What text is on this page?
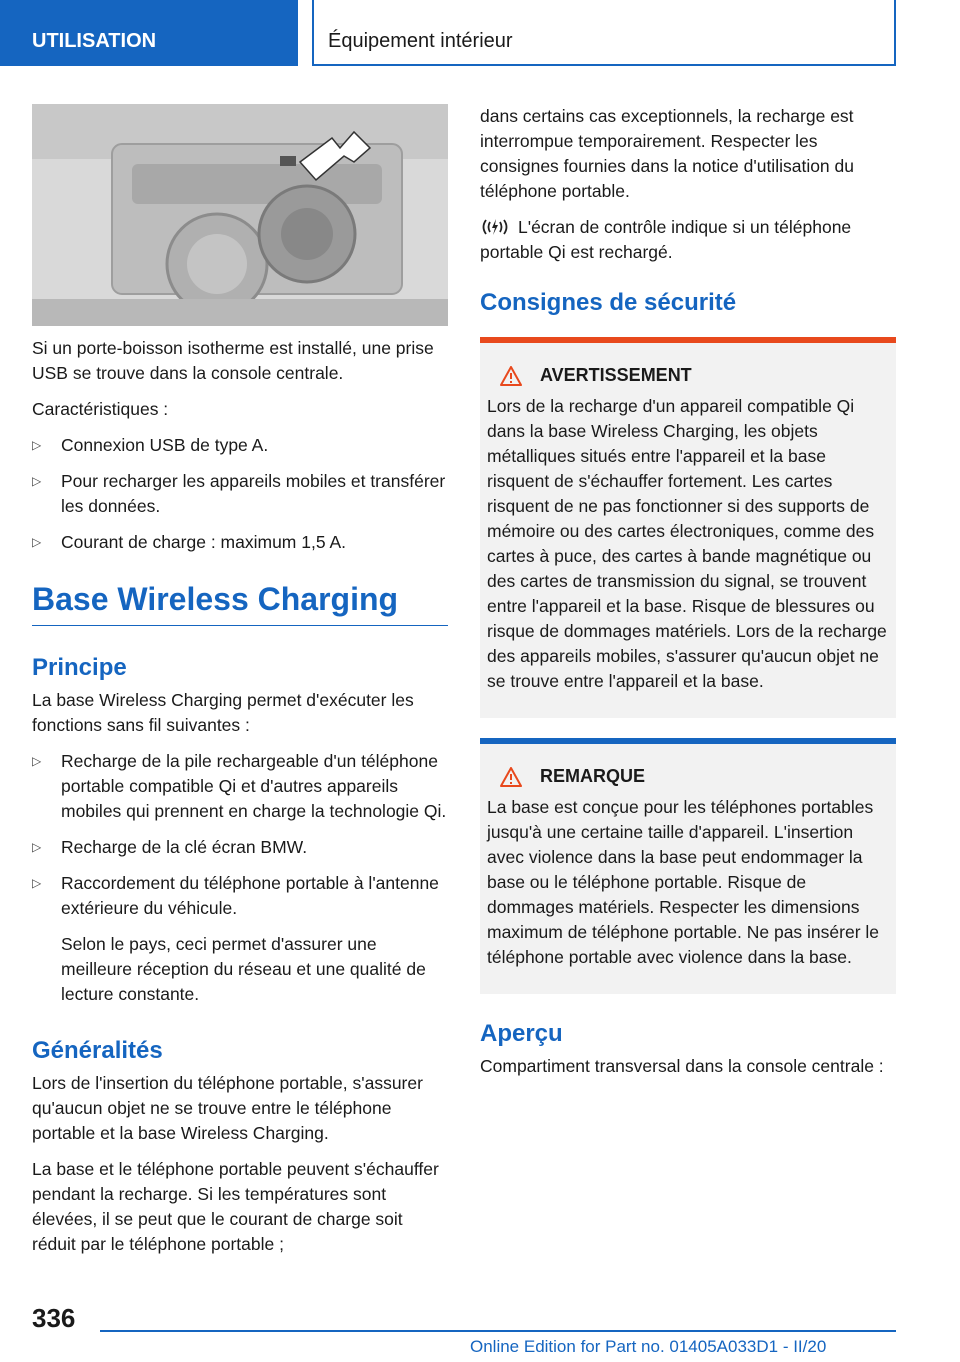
UTILISATION	Équipement intérieur

Si un porte-boisson isotherme est installé, une prise USB se trouve dans la console centrale.

Caractéristiques :

▷ Connexion USB de type A.
▷ Pour recharger les appareils mobiles et transférer les données.
▷ Courant de charge : maximum 1,5 A.
Base Wireless Charging
Principe

La base Wireless Charging permet d'exécuter les fonctions sans fil suivantes :

▷ Recharge de la pile rechargeable d'un téléphone portable compatible Qi et d'autres appareils mobiles qui prennent en charge la technologie Qi.
▷ Recharge de la clé écran BMW.
▷ Raccordement du téléphone portable à l'antenne extérieure du véhicule.
Selon le pays, ceci permet d'assurer une meilleure réception du réseau et une qualité de lecture constante.
Généralités

Lors de l'insertion du téléphone portable, s'assurer qu'aucun objet ne se trouve entre le téléphone portable et la base Wireless Charging.

La base et le téléphone portable peuvent s'échauffer pendant la recharge. Si les températures sont élevées, il se peut que le courant de charge soit réduit par le téléphone portable ;

dans certains cas exceptionnels, la recharge est interrompue temporairement. Respecter les consignes fournies dans la notice d'utilisation du téléphone portable.

L'écran de contrôle indique si un téléphone portable Qi est rechargé.

Consignes de sécurité
AVERTISSEMENT

Lors de la recharge d'un appareil compatible Qi dans la base Wireless Charging, les objets métalliques situés entre l'appareil et la base risquent de s'échauffer fortement. Les cartes risquent de ne pas fonctionner si des supports de mémoire ou des cartes électroniques, comme des cartes à puce, des cartes à bande magnétique ou des cartes de transmission du signal, se trouvent entre l'appareil et la base. Risque de blessures ou risque de dommages matériels. Lors de la recharge des appareils mobiles, s'assurer qu'aucun objet ne se trouve entre l'appareil et la base.

REMARQUE

La base est conçue pour les téléphones portables jusqu'à une certaine taille d'appareil. L'insertion avec violence dans la base peut endommager la base ou le téléphone portable. Risque de dommages matériels. Respecter les dimensions maximum de téléphone portable. Ne pas insérer le téléphone portable avec violence dans la base.

Aperçu

Compartiment transversal dans la console centrale :

336
Online Edition for Part no. 01405A033D1 - II/20
